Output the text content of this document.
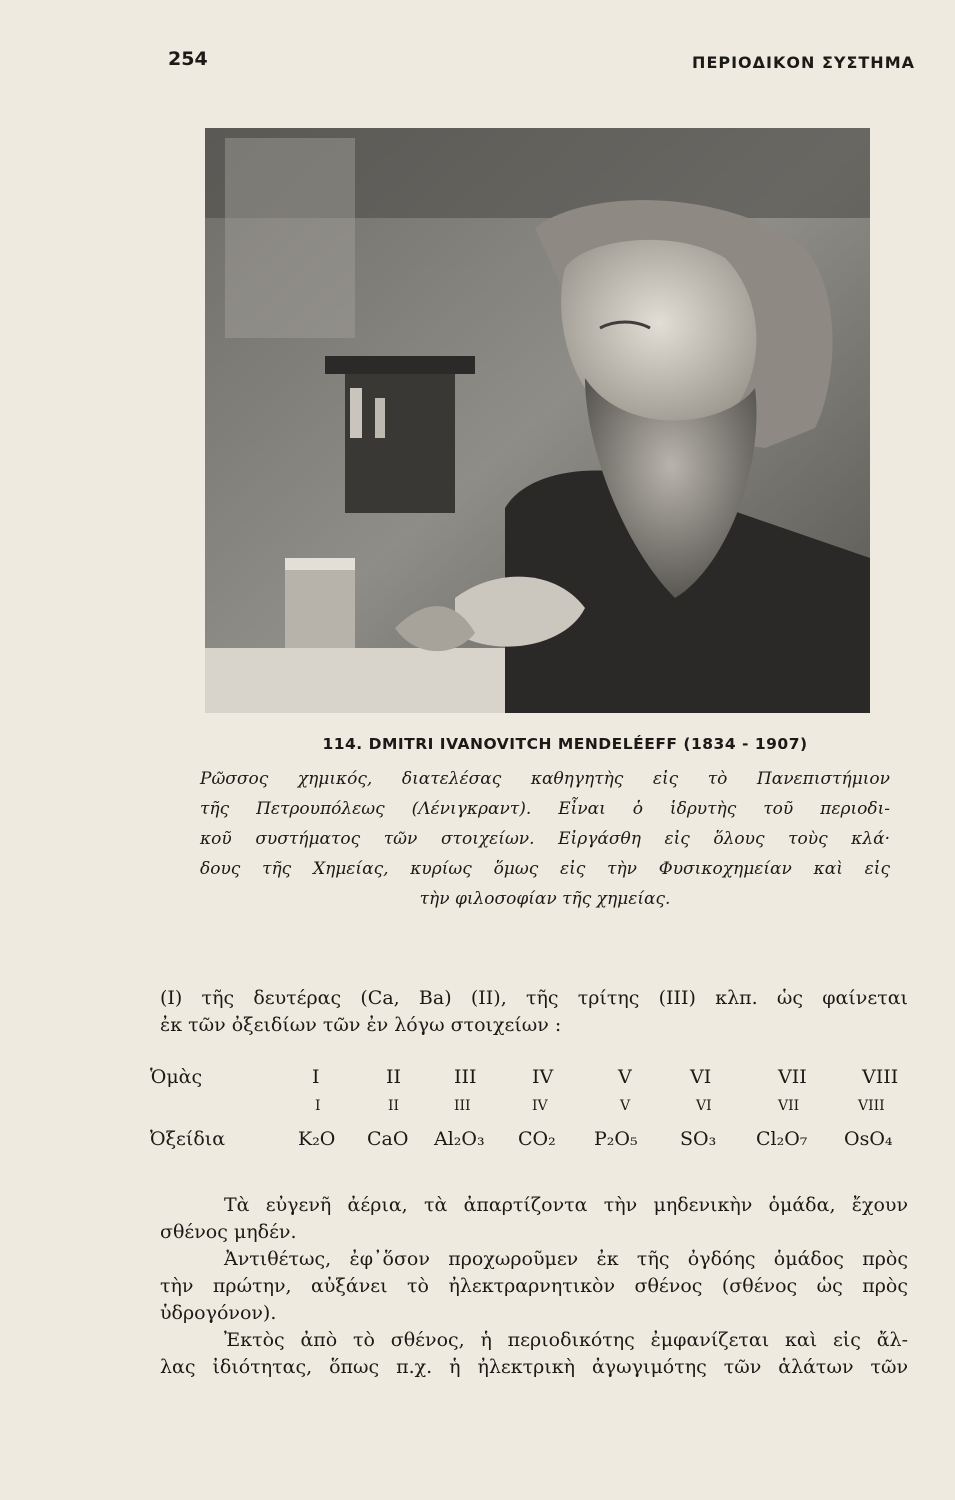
254	ΠΕΡΙΟΔΙΚΟΝ ΣΥΣΤΗΜΑ
114. DMITRI IVANOVITCH MENDELÉEFF (1834 - 1907)
Ρῶσσος χημικός, διατελέσας καθηγητὴς εἰς τὸ Πανεπιστήμιον
τῆς Πετρουπόλεως (Λένιγκραντ). Εἶναι ὁ ἱδρυτὴς τοῦ περιοδι-
κοῦ συστήματος τῶν στοιχείων. Εἰργάσθη εἰς ὅλους τοὺς κλά·
δους τῆς Χημείας, κυρίως ὅμως εἰς τὴν Φυσικοχημείαν καὶ εἰς
τὴν φιλοσοφίαν τῆς χημείας.
(I) τῆς δευτέρας (Ca, Ba) (II), τῆς τρίτης (III) κλπ. ὡς φαίνεται
ἐκ τῶν ὀξειδίων τῶν ἐν λόγω στοιχείων :
Ὁμὰς	I	II	III	IV	V	VI	VII	VIII
I	II	III	IV	V	VI	VII	VIII
Ὀξείδια	K₂O CaO Al₂O₃ CO₂ P₂O₅ SO₃ Cl₂O₇ OsO₄
Τὰ εὐγενῆ ἀέρια, τὰ ἀπαρτίζοντα τὴν μηδενικὴν ὁμάδα, ἔχουν
σθένος μηδέν.
Ἀντιθέτως, ἐφ᾽ὅσον προχωροῦμεν ἐκ τῆς ὀγδόης ὁμάδος πρὸς
τὴν πρώτην, αὐξάνει τὸ ἠλεκτραρνητικὸν σθένος (σθένος ὡς πρὸς
ὑδρογόνον).
Ἐκτὸς ἀπὸ τὸ σθένος, ἡ περιοδικότης ἐμφανίζεται καὶ εἰς ἄλ-
λας ἰδιότητας, ὅπως π.χ. ἡ ἠλεκτρικὴ ἀγωγιμότης τῶν ἁλάτων τῶν
